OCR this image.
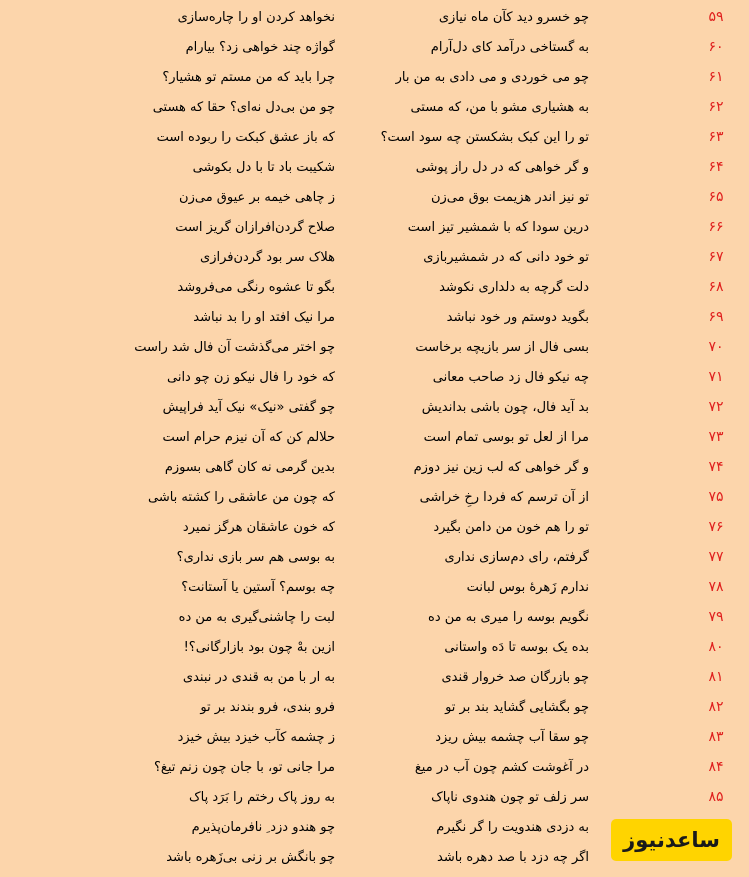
۵۹
چو خسرو دید کآن ماه نیازی
نخواهد کردن او را چاره‌سازی
۶۰
به گستاخی درآمد کای دل‌آرام
گواژه چند خواهی زد؟ بیارام
۶۱
چو می خوردی و می دادی به من بار
چرا باید که من مستم تو هشیار؟
۶۲
به هشیاری مشو با من، که مستی
چو من بی‌دل نه‌ای؟ حقا که هستی
۶۳
تو را این کبک بشکستن چه سود است؟
که باز عشق کبکت را ربوده است
۶۴
و گر خواهی که در دل راز پوشی
شکیبت باد تا با دل بکوشی
۶۵
تو نیز اندر هزیمت بوق می‌زن
ز چاهی خیمه بر عیوق می‌زن
۶۶
درین سودا که با شمشیر تیز است
صلاح گردن‌افرازان گریز است
۶۷
تو خود دانی که در شمشیربازی
هلاک سر بود گردن‌فرازی
۶۸
دلت گرچه به دلداری نکوشد
بگو تا عشوه رنگی می‌فروشد
۶۹
بگوید دوستم ور خود نباشد
مرا نیک افتد او را بد نباشد
۷۰
بسی فال از سر بازیچه برخاست
چو اختر می‌گذشت آن فال شد راست
۷۱
چه نیکو فال زد صاحب معانی
که خود را فال نیکو زن چو دانی
۷۲
بد آید فال، چون باشی بداندیش
چو گفتی «نیک» نیک آید فراپیش
۷۳
مرا از لعل تو بوسی تمام است
حلالم کن که آن نیزم حرام است
۷۴
و گر خواهی که لب زین نیز دوزم
بدین گرمی نه کان گاهی بسوزم
۷۵
از آن ترسم که فردا رخِ خراشی
که چون من عاشقی را کشته باشی
۷۶
تو را هم خون من دامن بگیرد
که خون عاشقان هرگز نمیرد
۷۷
گرفتم، رای دم‌سازی نداری
به بوسی هم سر بازی نداری؟
۷۸
ندارم زَهرهٔ بوس لبانت
چه بوسم؟ آستین یا آستانت؟
۷۹
نگویم بوسه را میری به من ده
لبت را چاشنی‌گیری به من ده
۸۰
بده یک بوسه تا دَه واستانی
ازین بهْ چون بود بازارگانی؟!
۸۱
چو بازرگان صد خروار قندی
به ار با من به قندی در نبندی
۸۲
چو بگشایی گشاید بند بر تو
فرو بندی، فرو بندند بر تو
۸۳
چو سقا آب چشمه بیش ریزد
ز چشمه کآب خیزد بیش خیزد
۸۴
در آغوشت کشم چون آب در میغ
مرا جانی تو، با جان چون زنم تیغ؟
۸۵
سر زلف تو چون هندوی ناپاک
به روز پاک رختم را بَرَد پاک
به دزدی هندویت را گر نگیرم
چو هندو دزد ِ نافرمان‌پذیرم
اگر چه دزد با صد دهره باشد
چو بانگش بر زنی بی‌زَهره باشد
ساعدنیوز
